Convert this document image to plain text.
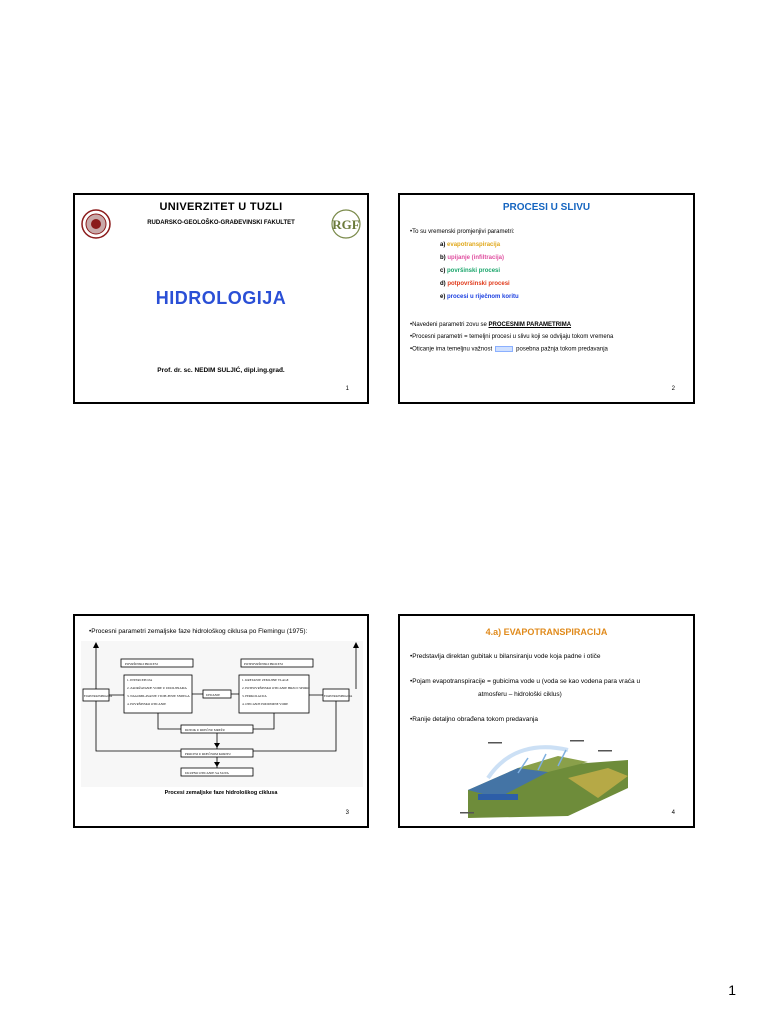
UNIVERZITET U TUZLI
RUDARSKO-GEOLOŠKO-GRAĐEVINSKI FAKULTET	RGF
HIDROLOGIJA
Prof. dr. sc. NEDIM SULJIĆ, dipl.ing.građ.
1
PROCESI U SLIVU
•To su vremenski promjenjivi parametri:
a) evapotranspiracija
b) upijanje (infiltracija)
c) površinski procesi
d) potpovršinski procesi
e) procesi u riječnom koritu
•Navedeni parametri zovu se PROCESNIM PARAMETRIMA
•Procesni parametri = temeljni procesi u slivu koji se odvijaju tokom vremena
•Oticanje ima temeljnu važnost	posebna pažnja tokom predavanja
2
•Procesni parametri zemaljske faze hidrološkog ciklusa po Flemingu (1975):
POVRŠINSKI PROCESI	POTPOVRŠINSKI PROCESI
1. INTERCEPCIJA
2. ZADRŽAVANJE VODE U UDOLJINAMA
3. NAGOMILAVANJE I TOPLJENJE SNIJEGA
4. POVRŠINSKO OTICANJE
1. KRETANJE ZEMLJINE VLAGE
2. POTPOVRŠINSKO OTICANJE BRZO I SPORO
3. PERKOLACIJA
4. OTICANJE PODZEMNE VODE
UPIJANJE
EVAPOTRANSPIRACIJA	EVAPOTRANSPIRACIJA
DOTOK U RIJEČNU MREŽU
PROCESI U RIJEČNOM KORITU
UKUPNO OTICANJE SA SLIVA
Procesi zemaljske faze hidrološkog ciklusa
3
4.a) EVAPOTRANSPIRACIJA
•Predstavlja direktan gubitak u bilansiranju vode koja padne i otiče
•Pojam evapotranspiracije = gubicima vode u (voda se kao vodena para vraća u
atmosferu – hidrološki ciklus)
•Ranije detaljno obrađena tokom predavanja
4
1
